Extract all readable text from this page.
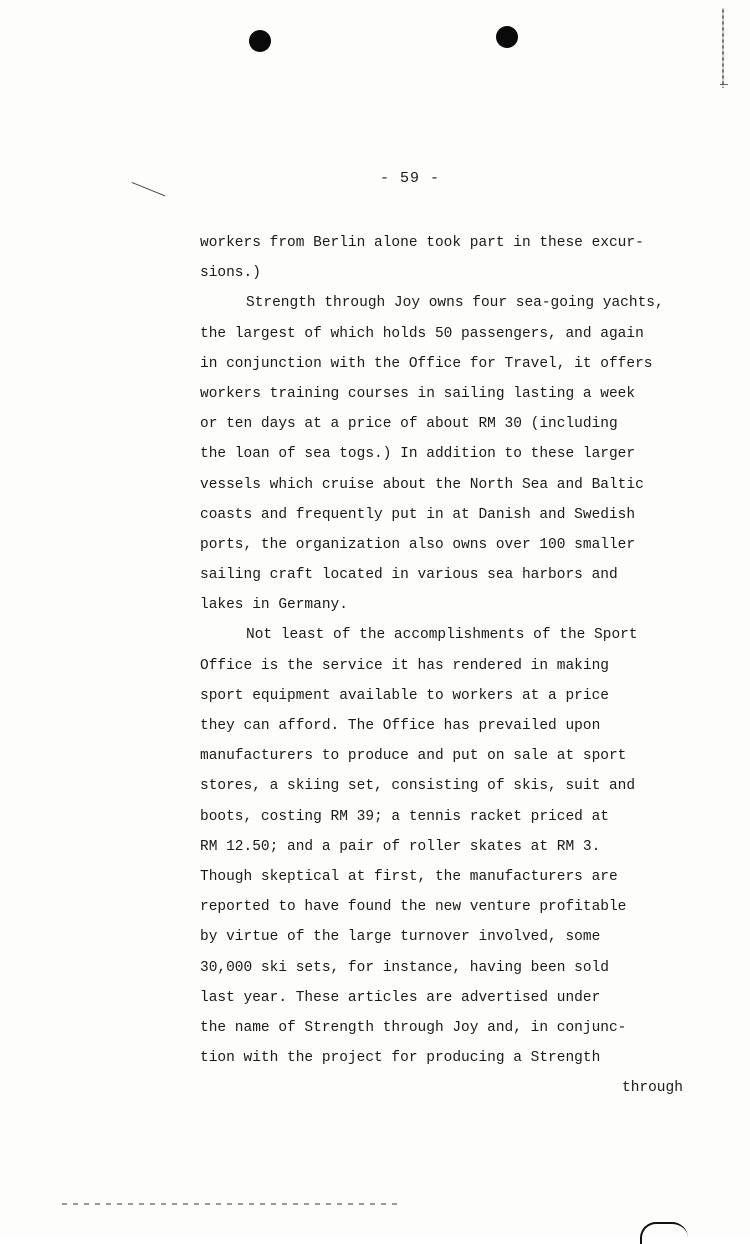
- 59 -
workers from Berlin alone took part in these excur-
sions.)
Strength through Joy owns four sea-going yachts,
the largest of which holds 50 passengers, and again
in conjunction with the Office for Travel, it offers
workers training courses in sailing lasting a week
or ten days at a price of about RM 30 (including
the loan of sea togs.) In addition to these larger
vessels which cruise about the North Sea and Baltic
coasts and frequently put in at Danish and Swedish
ports, the organization also owns over 100 smaller
sailing craft located in various sea harbors and
lakes in Germany.
Not least of the accomplishments of the Sport
Office is the service it has rendered in making
sport equipment available to workers at a price
they can afford. The Office has prevailed upon
manufacturers to produce and put on sale at sport
stores, a skiing set, consisting of skis, suit and
boots, costing RM 39; a tennis racket priced at
RM 12.50; and a pair of roller skates at RM 3.
Though skeptical at first, the manufacturers are
reported to have found the new venture profitable
by virtue of the large turnover involved, some
30,000 ski sets, for instance, having been sold
last year. These articles are advertised under
the name of Strength through Joy and, in conjunc-
tion with the project for producing a Strength
through
